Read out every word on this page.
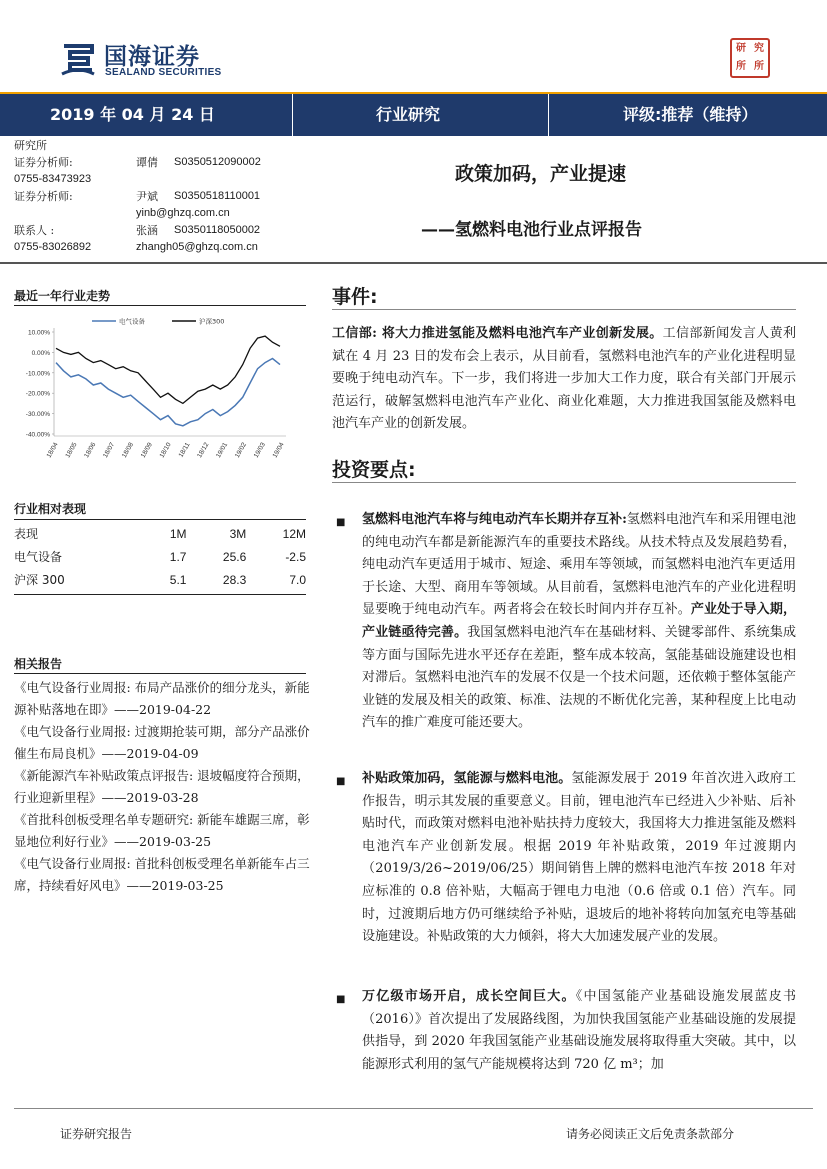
国海证券
SEALAND SECURITIES
研 究
所 所
2019 年 04 月 24 日	行业研究	评级:推荐（维持）
研究所
证券分析师:	谭倩 S0350512090002
0755-83473923
证券分析师:	尹斌 S0350518110001
yinb@ghzq.com.cn
联系人 :	张涵 S0350118050002
0755-83026892	zhangh05@ghzq.com.cn
政策加码，产业提速
——氢燃料电池行业点评报告
最近一年行业走势
10.00%
0.00%
-10.00%
-20.00%
-30.00%
-40.00%
18/04 18/05 18/06 18/07 18/08 18/09 18/10 18/11 18/12 19/01 19/02 19/03 19/04
电气设备	沪深300
行业相对表现
表现	1M	3M	12M
电气设备	1.7	25.6	-2.5
沪深 300	5.1	28.3	7.0
相关报告
《电气设备行业周报: 布局产品涨价的细分龙头，新能源补贴落地在即》——2019-04-22
《电气设备行业周报: 过渡期抢装可期，部分产品涨价催生布局良机》——2019-04-09
《新能源汽车补贴政策点评报告: 退坡幅度符合预期，行业迎新里程》——2019-03-28
《首批科创板受理名单专题研究: 新能车雄踞三席，彰显地位利好行业》——2019-03-25
《电气设备行业周报: 首批科创板受理名单新能车占三席，持续看好风电》——2019-03-25
事件:
工信部: 将大力推进氢能及燃料电池汽车产业创新发展。工信部新闻发言人黄利斌在 4 月 23 日的发布会上表示，从目前看，氢燃料电池汽车的产业化进程明显要晚于纯电动汽车。下一步，我们将进一步加大工作力度，联合有关部门开展示范运行，破解氢燃料电池汽车产业化、商业化难题，大力推进我国氢能及燃料电池汽车产业的创新发展。
投资要点:
■ 氢燃料电池汽车将与纯电动汽车长期并存互补:氢燃料电池汽车和采用锂电池的纯电动汽车都是新能源汽车的重要技术路线。从技术特点及发展趋势看，纯电动汽车更适用于城市、短途、乘用车等领域，而氢燃料电池汽车更适用于长途、大型、商用车等领域。从目前看，氢燃料电池汽车的产业化进程明显要晚于纯电动汽车。两者将会在较长时间内并存互补。产业处于导入期，产业链亟待完善。我国氢燃料电池汽车在基础材料、关键零部件、系统集成等方面与国际先进水平还存在差距，整车成本较高，氢能基础设施建设也相对滞后。氢燃料电池汽车的发展不仅是一个技术问题，还依赖于整体氢能产业链的发展及相关的政策、标准、法规的不断优化完善，某种程度上比电动汽车的推广难度可能还要大。
■ 补贴政策加码，氢能源与燃料电池。氢能源发展于 2019 年首次进入政府工作报告，明示其发展的重要意义。目前，锂电池汽车已经进入少补贴、后补贴时代，而政策对燃料电池补贴扶持力度较大，我国将大力推进氢能及燃料电池汽车产业创新发展。根据 2019 年补贴政策，2019 年过渡期内（2019/3/26~2019/06/25）期间销售上牌的燃料电池汽车按 2018 年对应标准的 0.8 倍补贴，大幅高于锂电力电池（0.6 倍或 0.1 倍）汽车。同时，过渡期后地方仍可继续给予补贴，退坡后的地补将转向加氢充电等基础设施建设。补贴政策的大力倾斜，将大大加速发展产业的发展。
■ 万亿级市场开启，成长空间巨大。《中国氢能产业基础设施发展蓝皮书（2016）》首次提出了发展路线图，为加快我国氢能产业基础设施的发展提供指导，到 2020 年我国氢能产业基础设施发展将取得重大突破。其中，以能源形式利用的氢气产能规模将达到 720 亿 m³；加
证券研究报告	请务必阅读正文后免责条款部分
